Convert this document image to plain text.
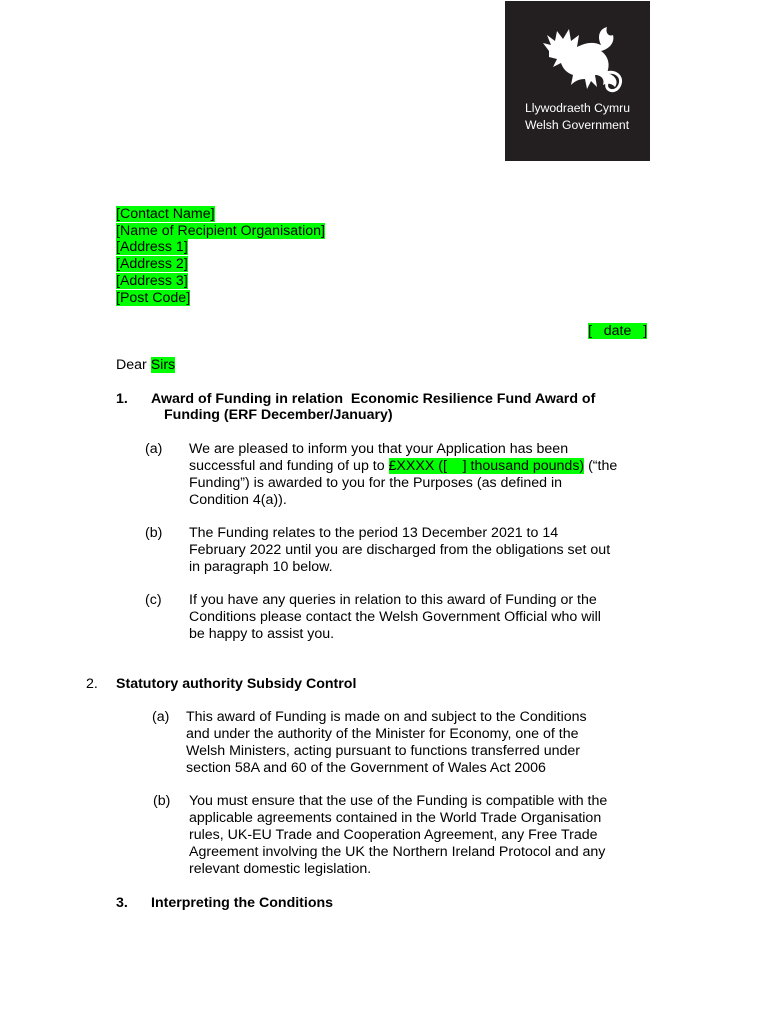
Llywodraeth Cymru
Welsh Government
[Contact Name]
[Name of Recipient Organisation]
[Address 1]
[Address 2]
[Address 3]
[Post Code]
[   date   ]
Dear Sirs
1. Award of Funding in relation  Economic Resilience Fund Award of
Funding (ERF December/January)
(a) We are pleased to inform you that your Application has been
successful and funding of up to £XXXX ([    ] thousand pounds) (“the
Funding”) is awarded to you for the Purposes (as defined in
Condition 4(a)).
(b) The Funding relates to the period 13 December 2021 to 14
February 2022 until you are discharged from the obligations set out
in paragraph 10 below.
(c) If you have any queries in relation to this award of Funding or the
Conditions please contact the Welsh Government Official who will
be happy to assist you.
2. Statutory authority Subsidy Control
(a) This award of Funding is made on and subject to the Conditions
and under the authority of the Minister for Economy, one of the
Welsh Ministers, acting pursuant to functions transferred under
section 58A and 60 of the Government of Wales Act 2006
(b) You must ensure that the use of the Funding is compatible with the
applicable agreements contained in the World Trade Organisation
rules, UK-EU Trade and Cooperation Agreement, any Free Trade
Agreement involving the UK the Northern Ireland Protocol and any
relevant domestic legislation.
3. Interpreting the Conditions
